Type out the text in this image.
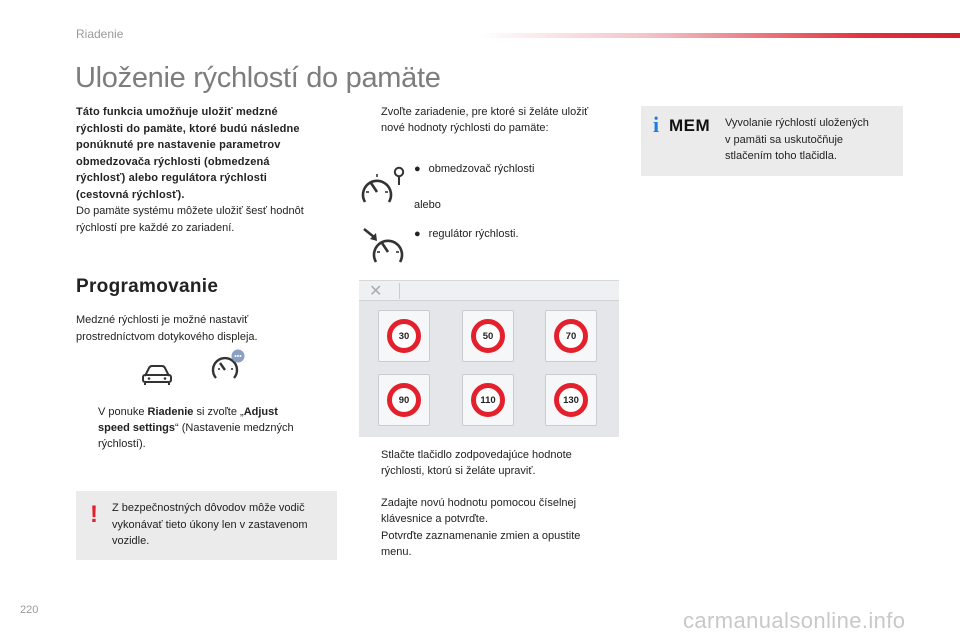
Riadenie
Uloženie rýchlostí do pamäte
Táto funkcia umožňuje uložiť medzné
rýchlosti do pamäte, ktoré budú následne
ponúknuté pre nastavenie parametrov
obmedzovača rýchlosti (obmedzená
rýchlosť) alebo regulátora rýchlosti
(cestovná rýchlosť).
Do pamäte systému môžete uložiť šesť hodnôt
rýchlostí pre každé zo zariadení.
Programovanie
Medzné rýchlosti je možné nastaviť
prostredníctvom dotykového displeja.
V ponuke Riadenie si zvoľte „Adjust
speed settings“ (Nastavenie medzných
rýchlostí).
! Z bezpečnostných dôvodov môže vodič
vykonávať tieto úkony len v zastavenom
vozidle.
Zvoľte zariadenie, pre ktoré si želáte uložiť
nové hodnoty rýchlosti do pamäte:
● obmedzovač rýchlosti
alebo
● regulátor rýchlosti.
✕
30	50	70
90	110	130
Stlačte tlačidlo zodpovedajúce hodnote
rýchlosti, ktorú si želáte upraviť.
Zadajte novú hodnotu pomocou číselnej
klávesnice a potvrďte.
Potvrďte zaznamenanie zmien a opustite
menu.
i MEM Vyvolanie rýchlostí uložených
v pamäti sa uskutočňuje
stlačením toho tlačidla.
220	carmanualsonline.info
